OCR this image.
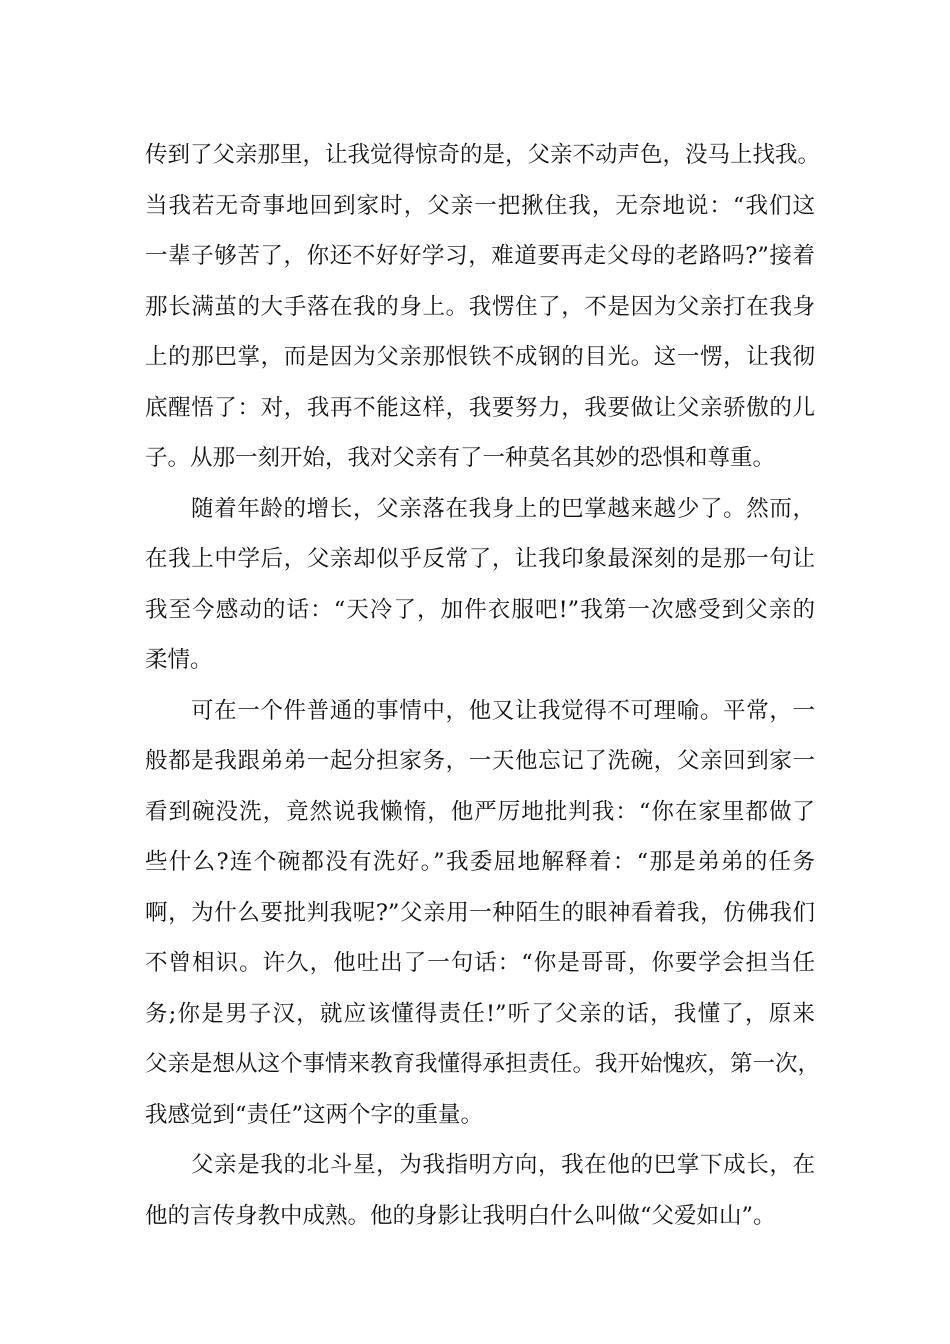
传到了父亲那里，让我觉得惊奇的是，父亲不动声色，没马上找我。
当我若无奇事地回到家时，父亲一把揪住我，无奈地说：“我们这
一辈子够苦了，你还不好好学习，难道要再走父母的老路吗?”接着
那长满茧的大手落在我的身上。我愣住了，不是因为父亲打在我身
上的那巴掌，而是因为父亲那恨铁不成钢的目光。这一愣，让我彻
底醒悟了：对，我再不能这样，我要努力，我要做让父亲骄傲的儿
子。从那一刻开始，我对父亲有了一种莫名其妙的恐惧和尊重。
随着年龄的增长，父亲落在我身上的巴掌越来越少了。然而，
在我上中学后，父亲却似乎反常了，让我印象最深刻的是那一句让
我至今感动的话：“天冷了，加件衣服吧!”我第一次感受到父亲的
柔情。
可在一个件普通的事情中，他又让我觉得不可理喻。平常，一
般都是我跟弟弟一起分担家务，一天他忘记了洗碗，父亲回到家一
看到碗没洗，竟然说我懒惰，他严厉地批判我：“你在家里都做了
些什么?连个碗都没有洗好。”我委屈地解释着：“那是弟弟的任务
啊，为什么要批判我呢?”父亲用一种陌生的眼神看着我，仿佛我们
不曾相识。许久，他吐出了一句话：“你是哥哥，你要学会担当任
务;你是男子汉，就应该懂得责任!”听了父亲的话，我懂了，原来
父亲是想从这个事情来教育我懂得承担责任。我开始愧疚，第一次，
我感觉到“责任”这两个字的重量。
父亲是我的北斗星，为我指明方向，我在他的巴掌下成长，在
他的言传身教中成熟。他的身影让我明白什么叫做“父爱如山”。
